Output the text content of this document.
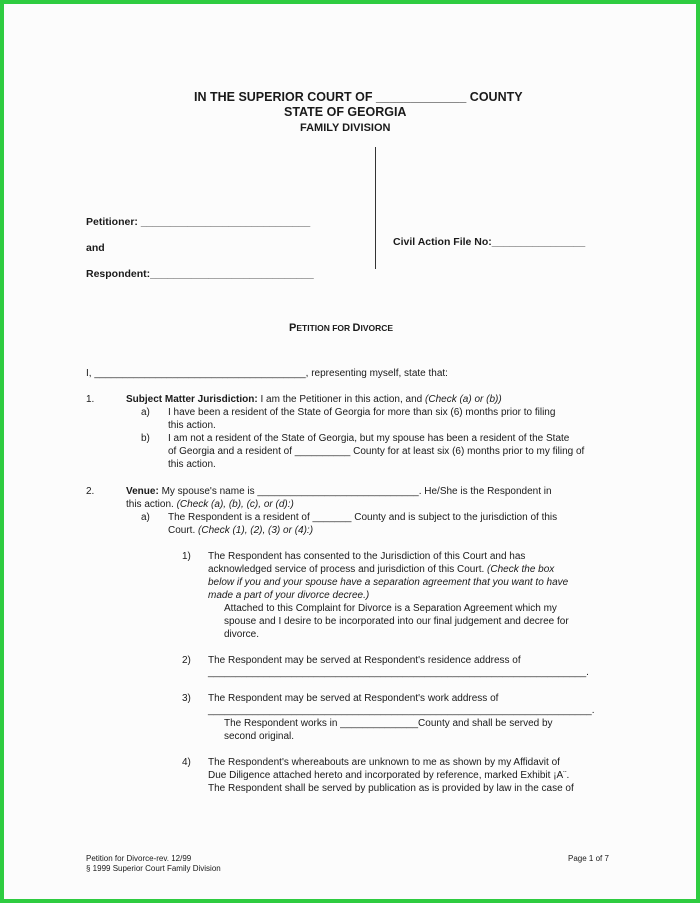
IN THE SUPERIOR COURT OF _____________ COUNTY
STATE OF GEORGIA
FAMILY DIVISION
Petitioner: _____________________________
and
Respondent:____________________________
Civil Action File No:________________
PETITION FOR DIVORCE
I, ______________________________________, representing myself, state that:
1.	Subject Matter Jurisdiction: I am the Petitioner in this action, and (Check (a) or (b))
a) I have been a resident of the State of Georgia for more than six (6) months prior to filing
this action.
b) I am not a resident of the State of Georgia, but my spouse has been a resident of the State
of Georgia and a resident of __________ County for at least six (6) months prior to my filing of
this action.
2.	Venue: My spouse's name is _____________________________. He/She is the Respondent in
this action. (Check (a), (b), (c), or (d):)
a) The Respondent is a resident of _______ County and is subject to the jurisdiction of this
Court. (Check (1), (2), (3) or (4):)
1) The Respondent has consented to the Jurisdiction of this Court and has
acknowledged service of process and jurisdiction of this Court. (Check the box
below if you and your spouse have a separation agreement that you want to have
made a part of your divorce decree.)
Attached to this Complaint for Divorce is a Separation Agreement which my
spouse and I desire to be incorporated into our final judgement and decree for
divorce.
2) The Respondent may be served at Respondent's residence address of
____________________________________________________________________.
3) The Respondent may be served at Respondent's work address of
_____________________________________________________________________.
The Respondent works in ______________County and shall be served by
second original.
4) The Respondent's whereabouts are unknown to me as shown by my Affidavit of
Due Diligence attached hereto and incorporated by reference, marked Exhibit ¡A¨.
The Respondent shall be served by publication as is provided by law in the case of
Petition for Divorce-rev. 12/99
§ 1999 Superior Court Family Division
Page 1 of 7
